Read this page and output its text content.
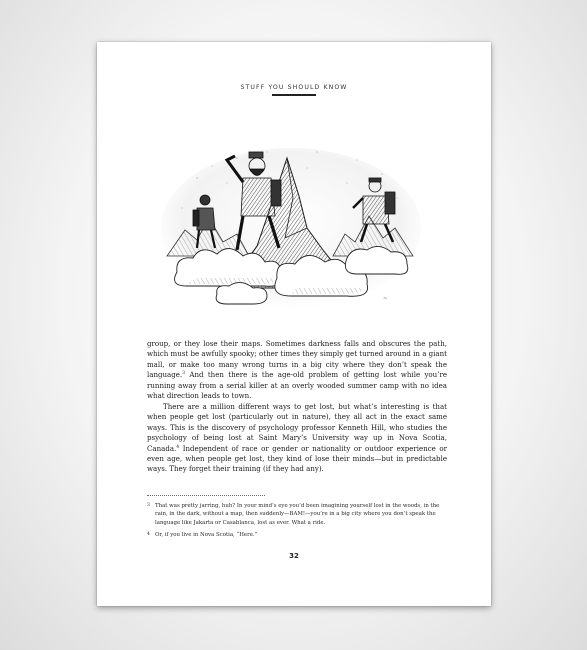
STUFF YOU SHOULD KNOW
~

group, or they lose their maps. Sometimes darkness falls and obscures the path, which must be awfully spooky; other times they simply get turned around in a giant mall, or make too many wrong turns in a big city where they don’t speak the language.$^3$ And then there is the age-old problem of getting lost while you’re running away from a serial killer at an overly wooded summer camp with no idea what direction leads to town.

There are a million different ways to get lost, but what’s interesting is that when people get lost (particularly out in nature), they all act in the exact same ways. This is the discovery of psychology professor Kenneth Hill, who studies the psychology of being lost at Saint Mary’s University way up in Nova Scotia, Canada.$^4$ Independent of race or gender or nationality or outdoor experience or even age, when people get lost, they kind of lose their minds—but in predictable ways. They forget their training (if they had any).

3 That was pretty jarring, huh? In your mind’s eye you’d been imagining yourself lost in the woods, in the rain, in the dark, without a map, then suddenly—BAM!—you’re in a big city where you don’t speak the language like Jakarta or Casablanca, lost as ever. What a ride.
4 Or, if you live in Nova Scotia, “Here.”
32
